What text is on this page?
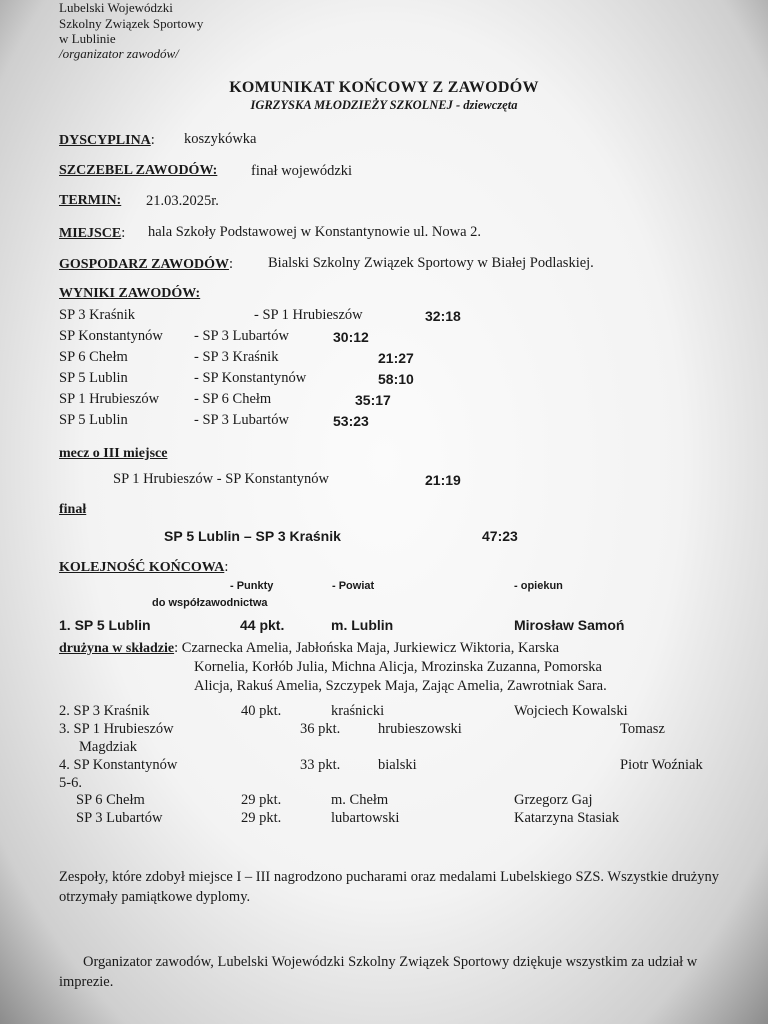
Lubelski Wojewódzki
Szkolny Związek Sportowy
w Lublinie
/organizator zawodów/
KOMUNIKAT KOŃCOWY Z ZAWODÓW
IGRZYSKA MŁODZIEŻY SZKOLNEJ - dziewczęta
DYSCYPLINA: koszykówka
SZCZEBEL ZAWODÓW: finał wojewódzki
TERMIN: 21.03.2025r.
MIEJSCE: hala Szkoły Podstawowej w Konstantynowie ul. Nowa 2.
GOSPODARZ ZAWODÓW: Bialski Szkolny Związek Sportowy w Białej Podlaskiej.
WYNIKI ZAWODÓW:
SP 3 Kraśnik	- SP 1 Hrubieszów	32:18
SP Konstantynów - SP 3 Lubartów	30:12
SP 6 Chełm	- SP 3 Kraśnik	21:27
SP 5 Lublin	- SP Konstantynów	58:10
SP 1 Hrubieszów - SP 6 Chełm	35:17
SP 5 Lublin	- SP 3 Lubartów	53:23
mecz o III miejsce
SP 1 Hrubieszów - SP Konstantynów	21:19
finał
SP 5 Lublin – SP 3 Kraśnik	47:23
KOLEJNOŚĆ KOŃCOWA:
- Punkty	- Powiat	- opiekun
do współzawodnictwa
1. SP 5 Lublin	44 pkt.	m. Lublin	Mirosław Samoń
drużyna w składzie: Czarnecka Amelia, Jabłońska Maja, Jurkiewicz Wiktoria, Karska
Kornelia, Korłób Julia, Michna Alicja, Mrozinska Zuzanna, Pomorska
Alicja, Rakuś Amelia, Szczypek Maja, Zając Amelia, Zawrotniak Sara.
2. SP 3 Kraśnik	40 pkt.	kraśnicki	Wojciech Kowalski
3. SP 1 Hrubieszów	36 pkt.	hrubieszowski	Tomasz
Magdziak
4. SP Konstantynów	33 pkt.	bialski	Piotr Woźniak
5-6.
SP 6 Chełm	29 pkt.	m. Chełm	Grzegorz Gaj
SP 3 Lubartów	29 pkt.	lubartowski	Katarzyna Stasiak
Zespoły, które zdobył miejsce I – III nagrodzono pucharami oraz medalami Lubelskiego SZS. Wszystkie drużyny otrzymały pamiątkowe dyplomy.
Organizator zawodów, Lubelski Wojewódzki Szkolny Związek Sportowy dziękuje wszystkim za udział w imprezie.
